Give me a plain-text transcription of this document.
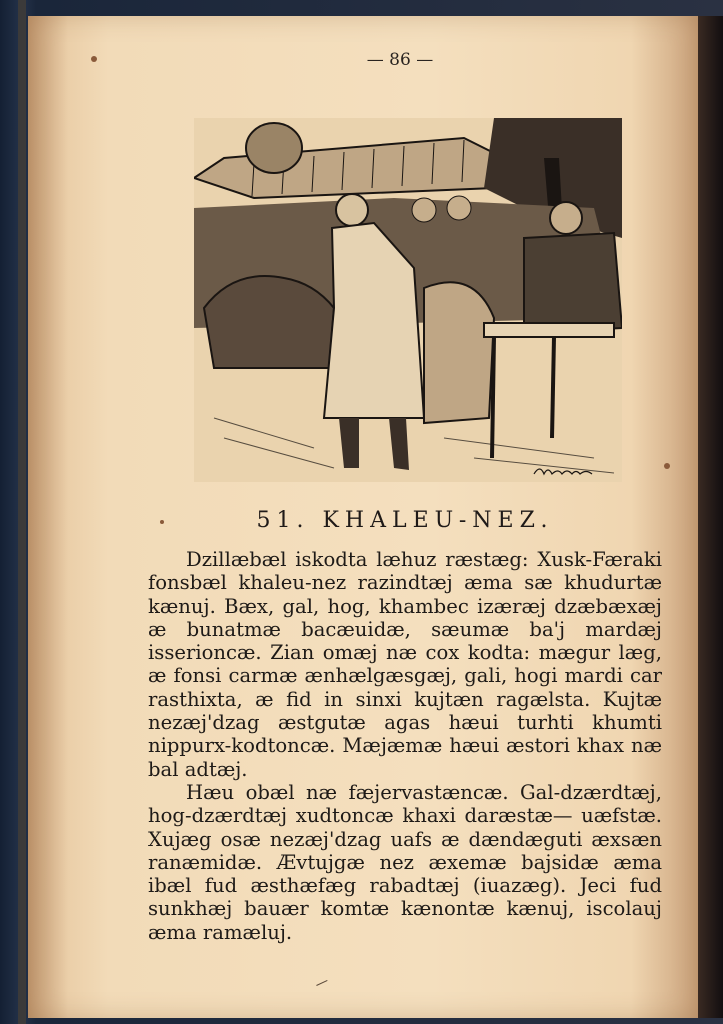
— 86 —
51. KHALEU-NEZ.

Dzillæbæl iskodta læhuz ræstæg: Xusk-Færaki fonsbæl khaleu-nez razindtæj æma sæ khudurtæ kænuj. Bæx, gal, hog, khambec izæræj dzæbæxæj æ bunatmæ bacæuidæ, sæumæ ba'j mardæj isserioncæ. Zian omæj næ cox kodta: mægur læg, æ fonsi carmæ ænhælgæsgæj, gali, hogi mardi car rasthixta, æ fid in sinxi kujtæn ragælsta. Kujtæ nezæj'dzag æstgutæ agas hæui turhti khumti nippurx-kodtoncæ. Mæjæmæ hæui æstori khax næ bal adtæj.

Hæu obæl næ fæjervastæncæ. Gal-dzærdtæj, hog-dzærdtæj xudtoncæ khaxi daræstæ— uæfstæ. Xujæg osæ nezæj'dzag uafs æ dændæguti æxsæn ranæmidæ. Ævtujgæ nez æxemæ bajsidæ æma ibæl fud æsthæfæg rabadtæj (iuazæg). Jeci fud sunkhæj bauær komtæ kænontæ kænuj, iscolauj æma ramæluj.
